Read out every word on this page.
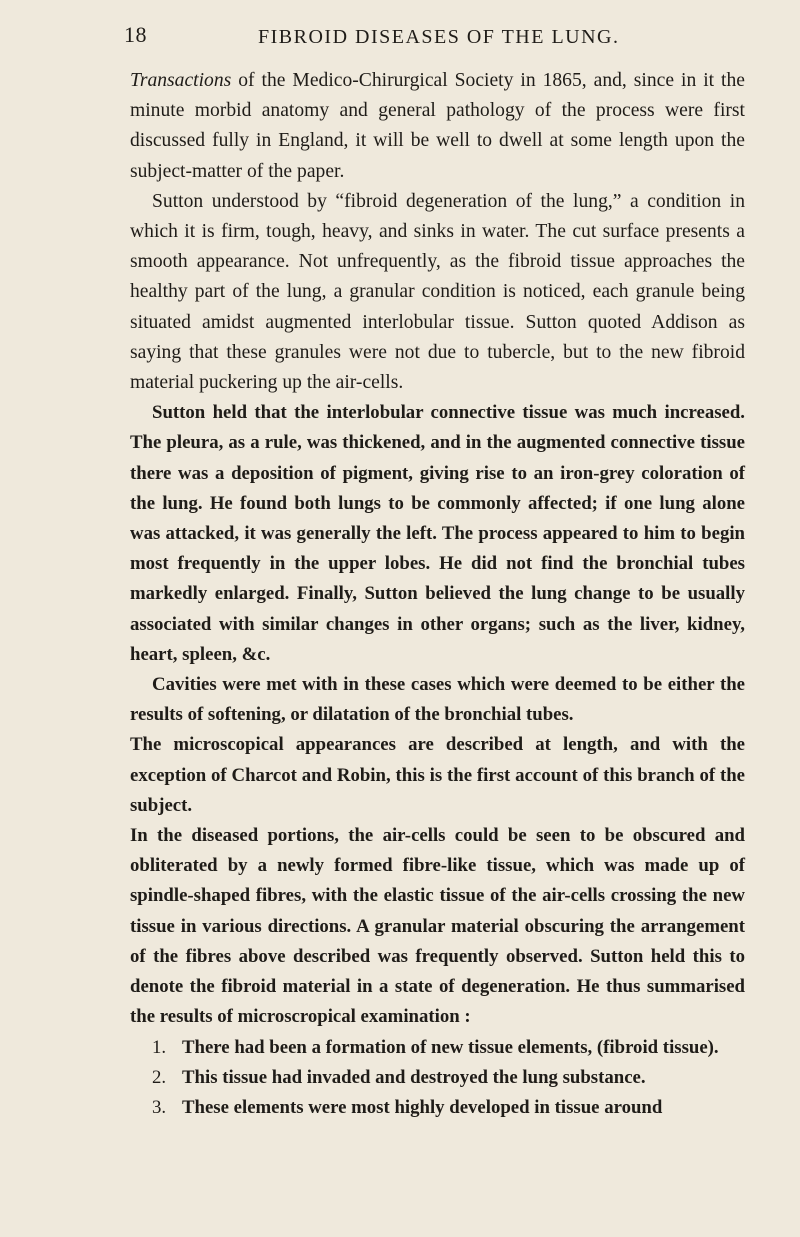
18	FIBROID DISEASES OF THE LUNG.

Transactions of the Medico-Chirurgical Society in 1865, and, since in it the minute morbid anatomy and general pathology of the process were first discussed fully in England, it will be well to dwell at some length upon the subject-matter of the paper.

Sutton understood by “fibroid degeneration of the lung,” a condition in which it is firm, tough, heavy, and sinks in water. The cut surface presents a smooth appearance. Not unfrequently, as the fibroid tissue approaches the healthy part of the lung, a granular condition is noticed, each granule being situated amidst augmented interlobular tissue. Sutton quoted Addison as saying that these granules were not due to tubercle, but to the new fibroid material puckering up the air-cells.

Sutton held that the interlobular connective tissue was much increased. The pleura, as a rule, was thickened, and in the augmented connective tissue there was a deposition of pigment, giving rise to an iron-grey coloration of the lung. He found both lungs to be commonly affected; if one lung alone was attacked, it was generally the left. The process appeared to him to begin most frequently in the upper lobes. He did not find the bronchial tubes markedly enlarged. Finally, Sutton believed the lung change to be usually associated with similar changes in other organs; such as the liver, kidney, heart, spleen, &c.

Cavities were met with in these cases which were deemed to be either the results of softening, or dilatation of the bronchial tubes.

The microscopical appearances are described at length, and with the exception of Charcot and Robin, this is the first account of this branch of the subject.

In the diseased portions, the air-cells could be seen to be obscured and obliterated by a newly formed fibre-like tissue, which was made up of spindle-shaped fibres, with the elastic tissue of the air-cells crossing the new tissue in various directions. A granular material obscuring the arrangement of the fibres above described was frequently observed. Sutton held this to denote the fibroid material in a state of degeneration. He thus summarised the results of microscropical examination :

1. There had been a formation of new tissue elements, (fibroid tissue).

2. This tissue had invaded and destroyed the lung substance.

3. These elements were most highly developed in tissue around
